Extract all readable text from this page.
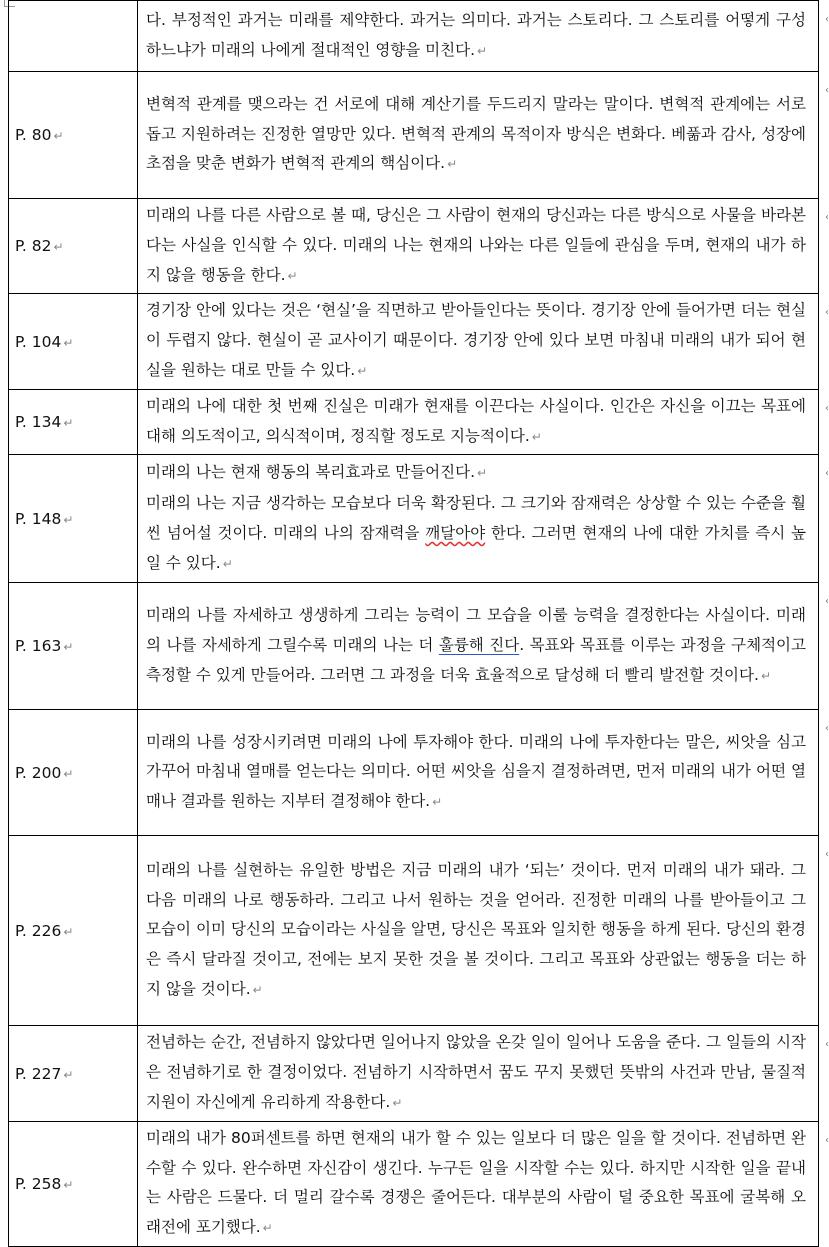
	다. 부정적인 과거는 미래를 제약한다. 과거는 의미다. 과거는 스토리다. 그 스토리를 어떻게 구성하느냐가 미래의 나에게 절대적인 영향을 미친다. ↵
‹

P. 80 ↵	변혁적 관계를 맺으라는 건 서로에 대해 계산기를 두드리지 말라는 말이다. 변혁적 관계에는 서로 돕고 지원하려는 진정한 열망만 있다. 변혁적 관계의 목적이자 방식은 변화다. 베풂과 감사, 성장에 초점을 맞춘 변화가 변혁적 관계의 핵심이다. ↵
‹

P. 82 ↵	미래의 나를 다른 사람으로 볼 때, 당신은 그 사람이 현재의 당신과는 다른 방식으로 사물을 바라본다는 사실을 인식할 수 있다. 미래의 나는 현재의 나와는 다른 일들에 관심을 두며, 현재의 내가 하지 않을 행동을 한다. ↵
‹

P. 104 ↵	경기장 안에 있다는 것은 ‘현실’을 직면하고 받아들인다는 뜻이다. 경기장 안에 들어가면 더는 현실이 두렵지 않다. 현실이 곧 교사이기 때문이다. 경기장 안에 있다 보면 마침내 미래의 내가 되어 현실을 원하는 대로 만들 수 있다. ↵
‹

P. 134 ↵	미래의 나에 대한 첫 번째 진실은 미래가 현재를 이끈다는 사실이다. 인간은 자신을 이끄는 목표에 대해 의도적이고, 의식적이며, 정직할 정도로 지능적이다. ↵
‹

P. 148 ↵	미래의 나는 현재 행동의 복리효과로 만들어진다. ↵
미래의 나는 지금 생각하는 모습보다 더욱 확장된다. 그 크기와 잠재력은 상상할 수 있는 수준을 훨씬 넘어설 것이다. 미래의 나의 잠재력을 깨달아야 한다. 그러면 현재의 나에 대한 가치를 즉시 높일 수 있다. ↵
‹

P. 163 ↵	미래의 나를 자세하고 생생하게 그리는 능력이 그 모습을 이룰 능력을 결정한다는 사실이다. 미래의 나를 자세하게 그릴수록 미래의 나는 더 훌륭해 진다. 목표와 목표를 이루는 과정을 구체적이고 측정할 수 있게 만들어라. 그러면 그 과정을 더욱 효율적으로 달성해 더 빨리 발전할 것이다. ↵
‹

P. 200 ↵	미래의 나를 성장시키려면 미래의 나에 투자해야 한다. 미래의 나에 투자한다는 말은, 씨앗을 심고 가꾸어 마침내 열매를 얻는다는 의미다. 어떤 씨앗을 심을지 결정하려면, 먼저 미래의 내가 어떤 열매나 결과를 원하는 지부터 결정해야 한다. ↵
‹

P. 226 ↵	미래의 나를 실현하는 유일한 방법은 지금 미래의 내가 ‘되는’ 것이다. 먼저 미래의 내가 돼라. 그 다음 미래의 나로 행동하라. 그리고 나서 원하는 것을 얻어라. 진정한 미래의 나를 받아들이고 그 모습이 이미 당신의 모습이라는 사실을 알면, 당신은 목표와 일치한 행동을 하게 된다. 당신의 환경은 즉시 달라질 것이고, 전에는 보지 못한 것을 볼 것이다. 그리고 목표와 상관없는 행동을 더는 하지 않을 것이다. ↵
‹

P. 227 ↵	전념하는 순간, 전념하지 않았다면 일어나지 않았을 온갖 일이 일어나 도움을 준다. 그 일들의 시작은 전념하기로 한 결정이었다. 전념하기 시작하면서 꿈도 꾸지 못했던 뜻밖의 사건과 만남, 물질적 지원이 자신에게 유리하게 작용한다. ↵
‹

P. 258 ↵	미래의 내가 80퍼센트를 하면 현재의 내가 할 수 있는 일보다 더 많은 일을 할 것이다. 전념하면 완수할 수 있다. 완수하면 자신감이 생긴다. 누구든 일을 시작할 수는 있다. 하지만 시작한 일을 끝내는 사람은 드물다. 더 멀리 갈수록 경쟁은 줄어든다. 대부분의 사람이 덜 중요한 목표에 굴복해 오래전에 포기했다. ↵
‹
